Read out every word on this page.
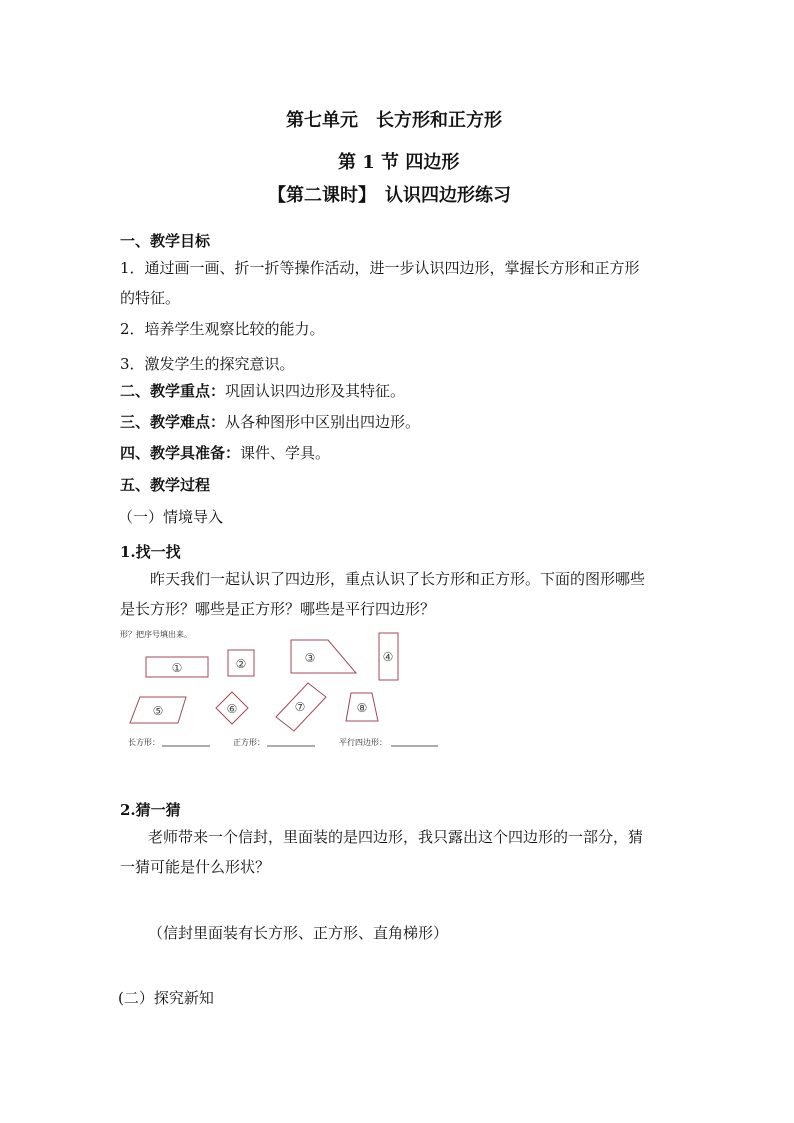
第七单元　长方形和正方形
第 1 节 四边形
【第二课时】　认识四边形练习
一、教学目标
1．通过画一画、折一折等操作活动，进一步认识四边形，掌握长方形和正方形
的特征。
2．培养学生观察比较的能力。
3．激发学生的探究意识。
二、教学重点：巩固认识四边形及其特征。
三、教学难点：从各种图形中区别出四边形。
四、教学具准备：课件、学具。
五、教学过程
（一）情境导入
1.找一找
昨天我们一起认识了四边形，重点认识了长方形和正方形。下面的图形哪些
是长方形？哪些是正方形？哪些是平行四边形？
形？把序号填出来。
①	②	③	④
⑤	⑥	⑦	⑧
长方形：	正方形：	平行四边形：
2.猜一猜
老师带来一个信封，里面装的是四边形，我只露出这个四边形的一部分，猜
一猜可能是什么形状？
（信封里面装有长方形、正方形、直角梯形）
(二）探究新知
